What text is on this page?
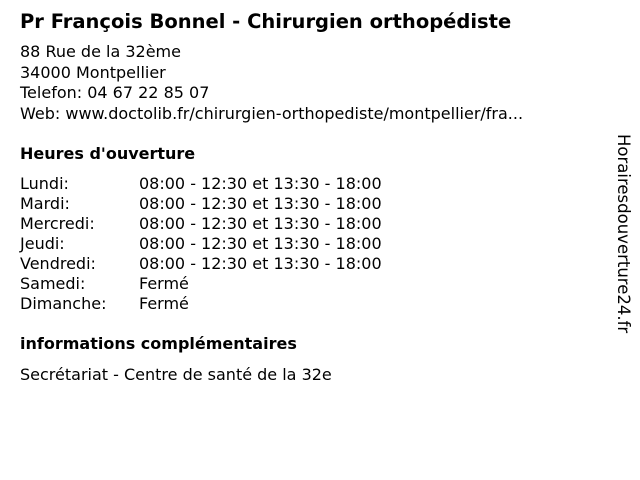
Pr François Bonnel - Chirurgien orthopédiste
88 Rue de la 32ème
34000 Montpellier
Telefon: 04 67 22 85 07
Web: www.doctolib.fr/chirurgien-orthopediste/montpellier/fra...
Heures d'ouverture
Lundi:	08:00 - 12:30 et 13:30 - 18:00
Mardi:	08:00 - 12:30 et 13:30 - 18:00
Mercredi:	08:00 - 12:30 et 13:30 - 18:00
Jeudi:	08:00 - 12:30 et 13:30 - 18:00
Vendredi:	08:00 - 12:30 et 13:30 - 18:00
Samedi:	Fermé
Dimanche: Fermé
informations complémentaires
Secrétariat - Centre de santé de la 32e
Horairesdouverture24.fr
